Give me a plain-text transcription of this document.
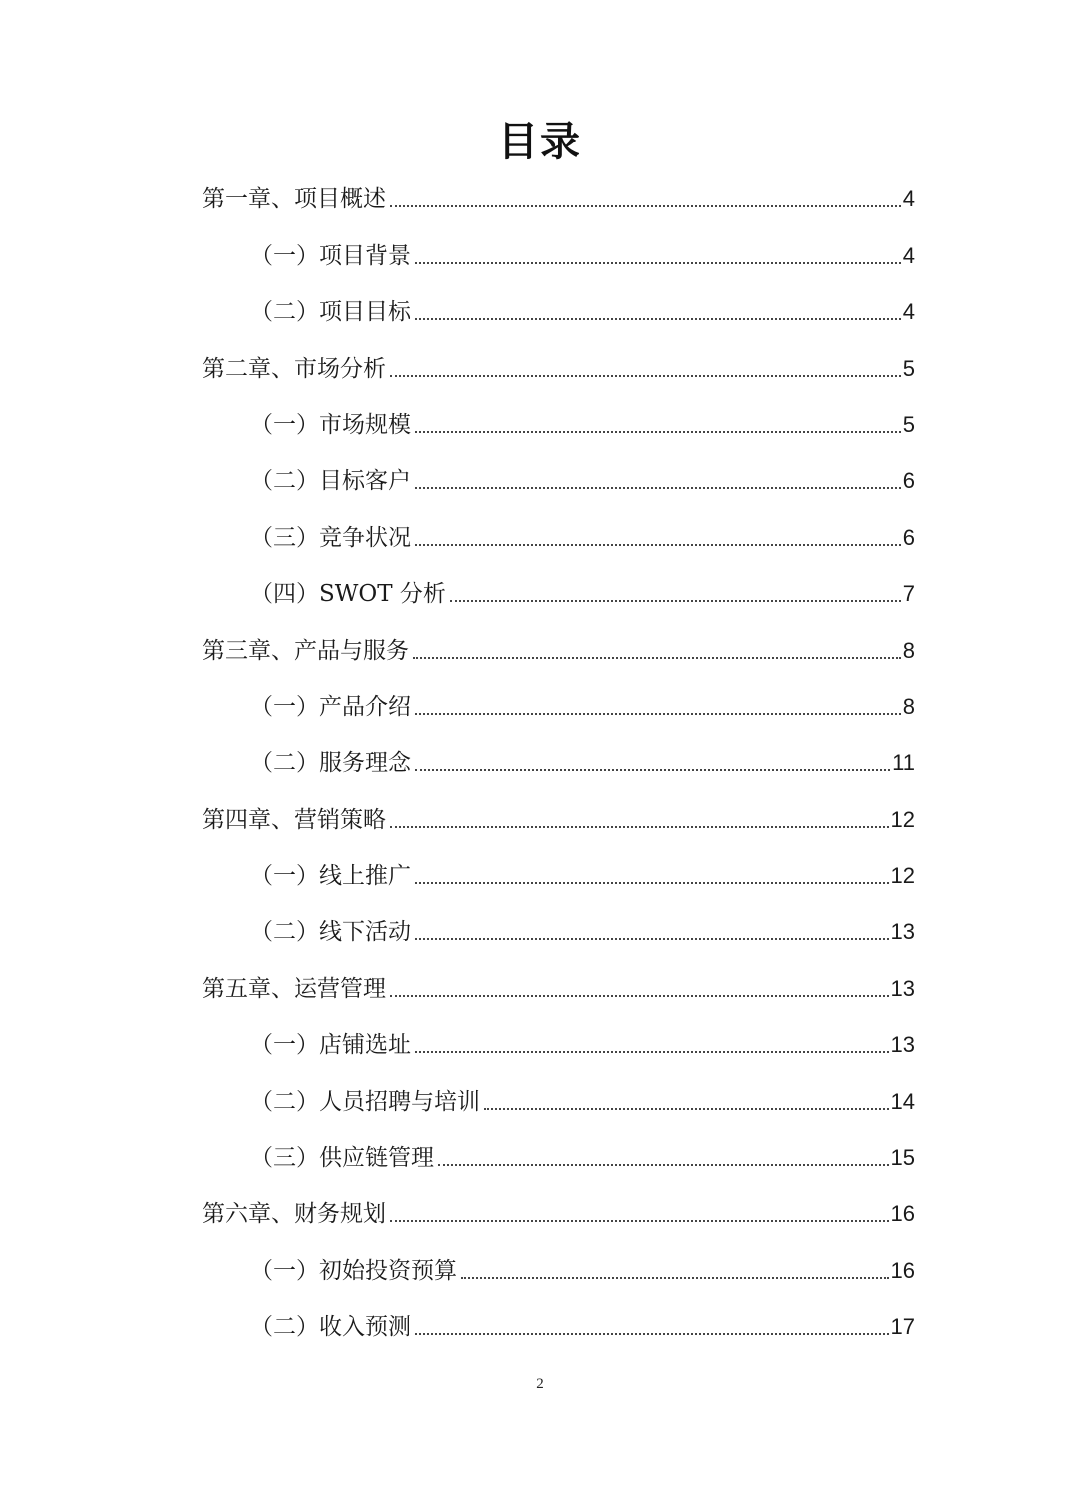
目录
第一章、项目概述	4
（一）项目背景	4
（二）项目目标	4
第二章、市场分析	5
（一）市场规模	5
（二）目标客户	6
（三）竞争状况	6
（四）SWOT 分析	7
第三章、产品与服务	8
（一）产品介绍	8
（二）服务理念	11
第四章、营销策略	12
（一）线上推广	12
（二）线下活动	13
第五章、运营管理	13
（一）店铺选址	13
（二）人员招聘与培训	14
（三）供应链管理	15
第六章、财务规划	16
（一）初始投资预算	16
（二）收入预测	17
2
